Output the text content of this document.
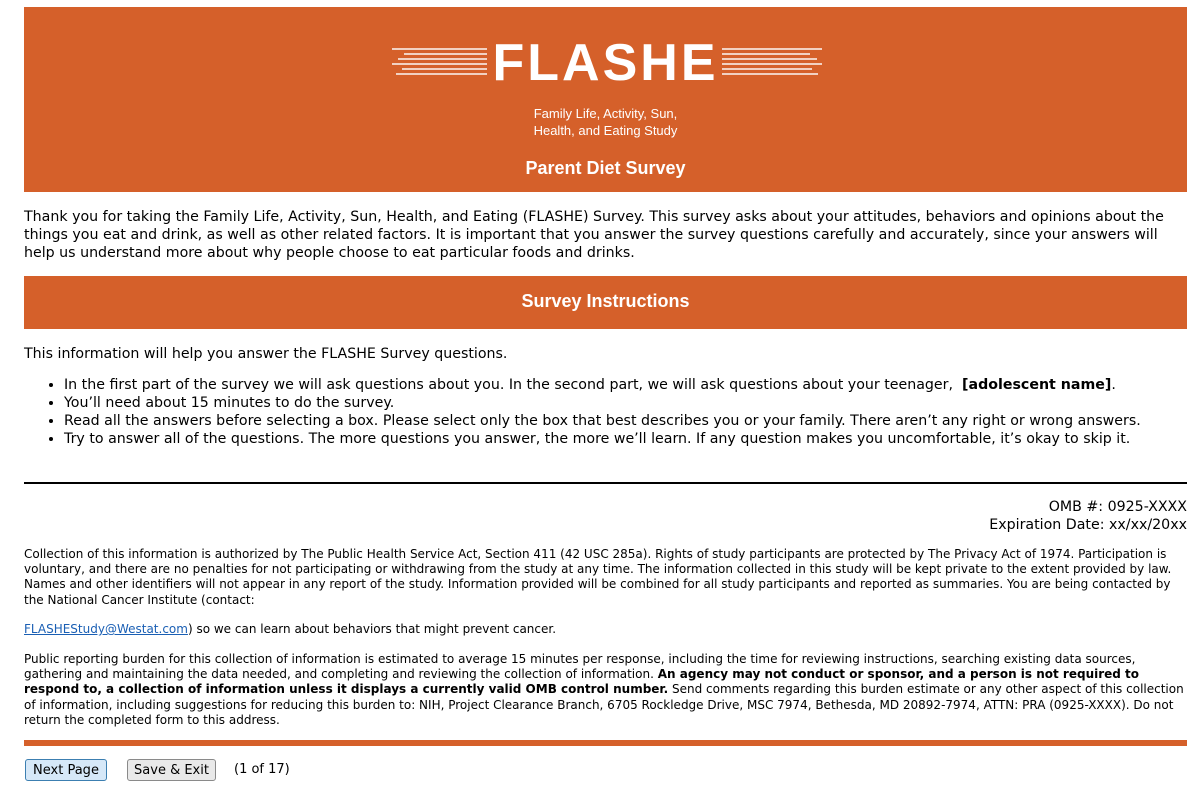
FLASHE
Family Life, Activity, Sun,
Health, and Eating Study
Parent Diet Survey
Thank you for taking the Family Life, Activity, Sun, Health, and Eating (FLASHE) Survey. This survey asks about your attitudes, behaviors and opinions about the things you eat and drink, as well as other related factors. It is important that you answer the survey questions carefully and accurately, since your answers will help us understand more about why people choose to eat particular foods and drinks.
Survey Instructions
This information will help you answer the FLASHE Survey questions.
• In the first part of the survey we will ask questions about you. In the second part, we will ask questions about your teenager, [adolescent name].
• You’ll need about 15 minutes to do the survey.
• Read all the answers before selecting a box. Please select only the box that best describes you or your family. There aren’t any right or wrong answers.
• Try to answer all of the questions. The more questions you answer, the more we’ll learn. If any question makes you uncomfortable, it’s okay to skip it.
OMB #: 0925-XXXX
Expiration Date: xx/xx/20xx
Collection of this information is authorized by The Public Health Service Act, Section 411 (42 USC 285a). Rights of study participants are protected by The Privacy Act of 1974. Participation is voluntary, and there are no penalties for not participating or withdrawing from the study at any time. The information collected in this study will be kept private to the extent provided by law. Names and other identifiers will not appear in any report of the study. Information provided will be combined for all study participants and reported as summaries. You are being contacted by the National Cancer Institute (contact:
FLASHEStudy@Westat.com) so we can learn about behaviors that might prevent cancer.
Public reporting burden for this collection of information is estimated to average 15 minutes per response, including the time for reviewing instructions, searching existing data sources, gathering and maintaining the data needed, and completing and reviewing the collection of information. An agency may not conduct or sponsor, and a person is not required to respond to, a collection of information unless it displays a currently valid OMB control number. Send comments regarding this burden estimate or any other aspect of this collection of information, including suggestions for reducing this burden to: NIH, Project Clearance Branch, 6705 Rockledge Drive, MSC 7974, Bethesda, MD 20892-7974, ATTN: PRA (0925-XXXX). Do not return the completed form to this address.
Next Page	Save & Exit	(1 of 17)
